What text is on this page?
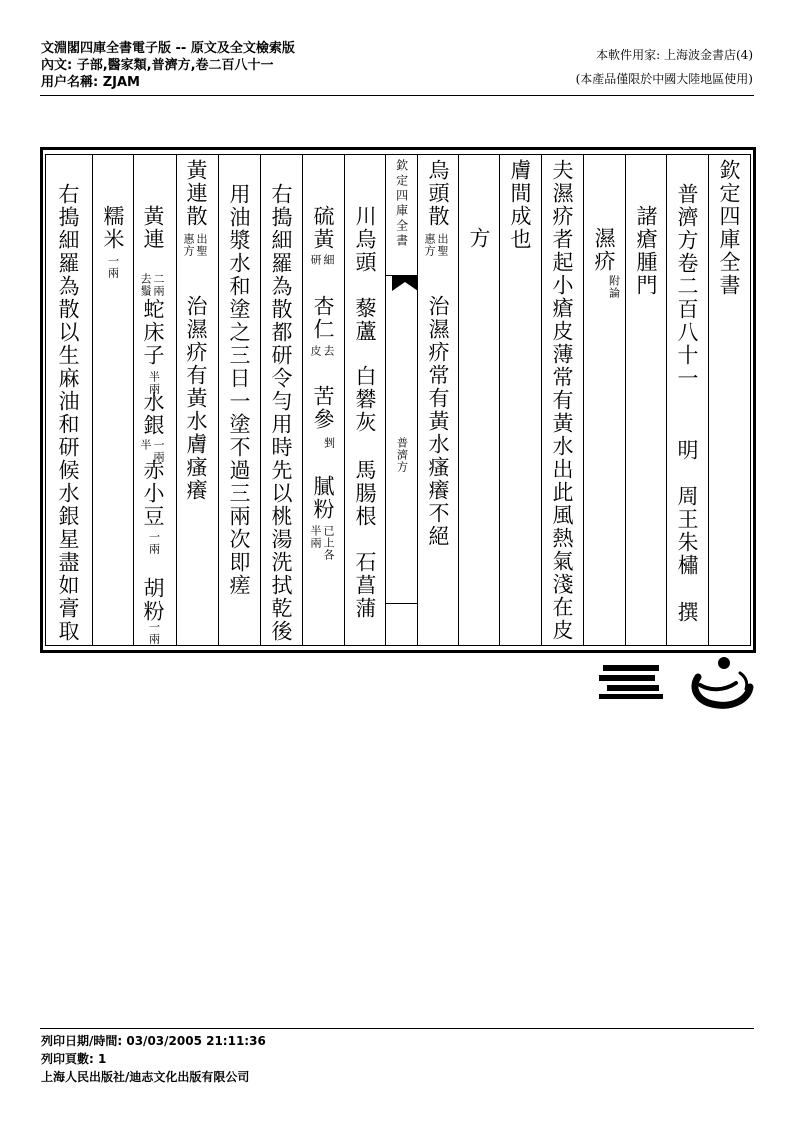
文淵閣四庫全書電子版 -- 原文及全文檢索版
內文: 子部,醫家類,普濟方,卷二百八十一
用户名稱: ZJAM
本軟件用家: 上海波金書店(4)
(本產品僅限於中國大陸地區使用)
右搗細羅為散以生麻油和研候水銀星盡如膏取 糯米
一兩
黃連
二兩
去鬚
蛇床子
半兩
水銀
一兩
半
赤小豆
一兩
胡粉
一兩
黃連散
出聖
惠方
治濕疥有黃水膚瘙癢 用油漿水和塗之三日一塗不過三兩次即瘥 右搗細羅為散都研令勻用時先以桃湯洗拭乾後 硫黃
細
研
杏仁
去
皮
苦參
剉
膩粉
已上各
半兩
川烏頭
藜蘆
白礬灰
馬腸根
石菖蒲
欽定四庫全書
普濟方
烏頭散
出聖
惠方
治濕疥常有黃水瘙癢不絕
方 膚間成也 夫濕疥者起小瘡皮薄常有黃水出此風熱氣淺在皮 濕疥
附論 諸瘡腫門 普濟方卷二百八十一
明
周王朱橚
撰
欽定四庫全書
列印日期/時間: 03/03/2005 21:11:36
列印頁數: 1
上海人民出版社/迪志文化出版有限公司
